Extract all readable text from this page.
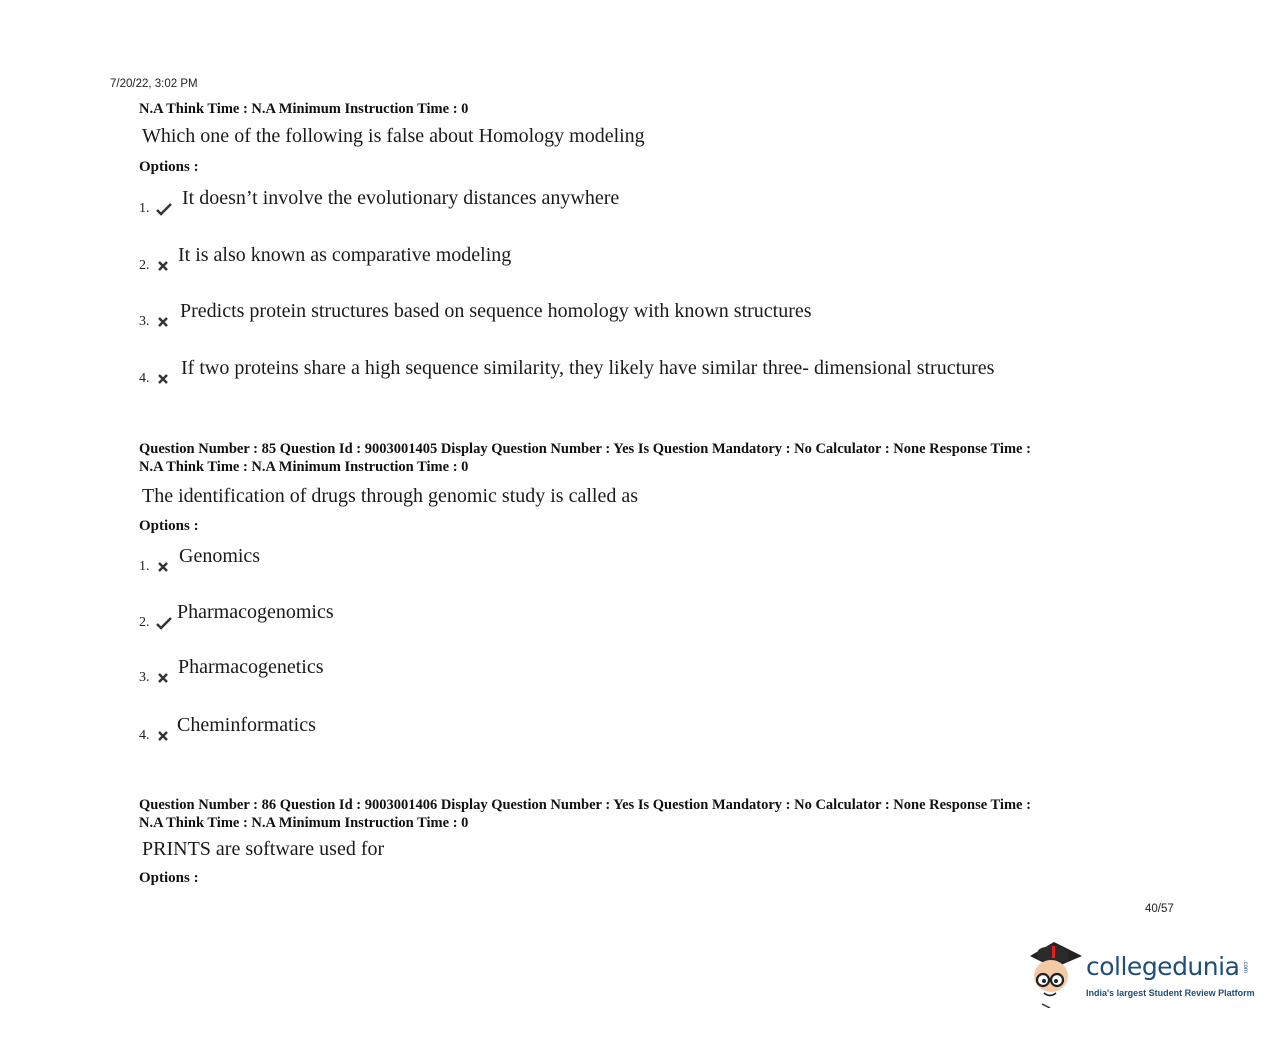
7/20/22, 3:02 PM
N.A Think Time : N.A Minimum Instruction Time : 0
Which one of the following is false about Homology modeling
Options :
1. It doesn’t involve the evolutionary distances anywhere
2. It is also known as comparative modeling
3. Predicts protein structures based on sequence homology with known structures
4. If two proteins share a high sequence similarity, they likely have similar three- dimensional structures
Question Number : 85 Question Id : 9003001405 Display Question Number : Yes Is Question Mandatory : No Calculator : None Response Time :
N.A Think Time : N.A Minimum Instruction Time : 0
The identification of drugs through genomic study is called as
Options :
1. Genomics
2. Pharmacogenomics
3. Pharmacogenetics
4. Cheminformatics
Question Number : 86 Question Id : 9003001406 Display Question Number : Yes Is Question Mandatory : No Calculator : None Response Time :
N.A Think Time : N.A Minimum Instruction Time : 0
PRINTS are software used for
Options :
40/57
collegedunia .com
India's largest Student Review Platform
